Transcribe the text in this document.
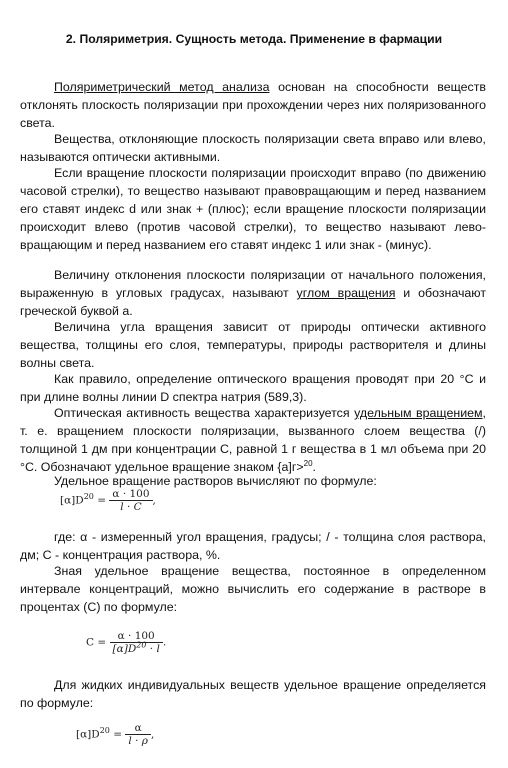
2. Поляриметрия. Сущность метода. Применение в фармации

Поляриметрический метод анализа основан на способности веществ отклонять плоскость поляризации при прохождении через них поляризованного света.

Вещества, отклоняющие плоскость поляризации света вправо или влево, называются оптически активными.

Если вращение плоскости поляризации происходит вправо (по движению часовой стрелки), то вещество называют правовращающим и перед названием его ставят индекс d или знак + (плюс); если вращение плоскости поляризации происходит влево (против часовой стрелки), то вещество называют лево-вращающим и перед названием его ставят индекс 1 или знак - (минус).

Величину отклонения плоскости поляризации от начального положения, выраженную в угловых градусах, называют углом вращения и обозначают греческой буквой а.

Величина угла вращения зависит от природы оптически активного вещества, толщины его слоя, температуры, природы растворителя и длины волны света.

Как правило, определение оптического вращения проводят при 20 °С и при длине волны линии D спектра натрия (589,3).

Оптическая активность вещества характеризуется удельным вращением, т. е. вращением плоскости поляризации, вызванного слоем вещества (/) толщиной 1 дм при концентрации С, равной 1 г вещества в 1 мл объема при 20 °С. Обозначают удельное вращение знаком {а]г>$^{20}$.

Удельное вращение растворов вычисляют по формуле:

$[\alpha]D^{20} = \frac{\alpha \cdot 100}{l \cdot C}$ ,

где: α - измеренный угол вращения, градусы; / - толщина слоя раствора, дм; С - концентрация раствора, %.

Зная удельное вращение вещества, постоянное в определенном интервале концентраций, можно вычислить его содержание в растворе в процентах (С) по формуле:

$C = \frac{\alpha \cdot 100}{[\alpha]D^{20} \cdot l}$ .

Для жидких индивидуальных веществ удельное вращение определяется по формуле:

$[\alpha]D^{20} = \frac{\alpha}{l \cdot \rho}$ ,
